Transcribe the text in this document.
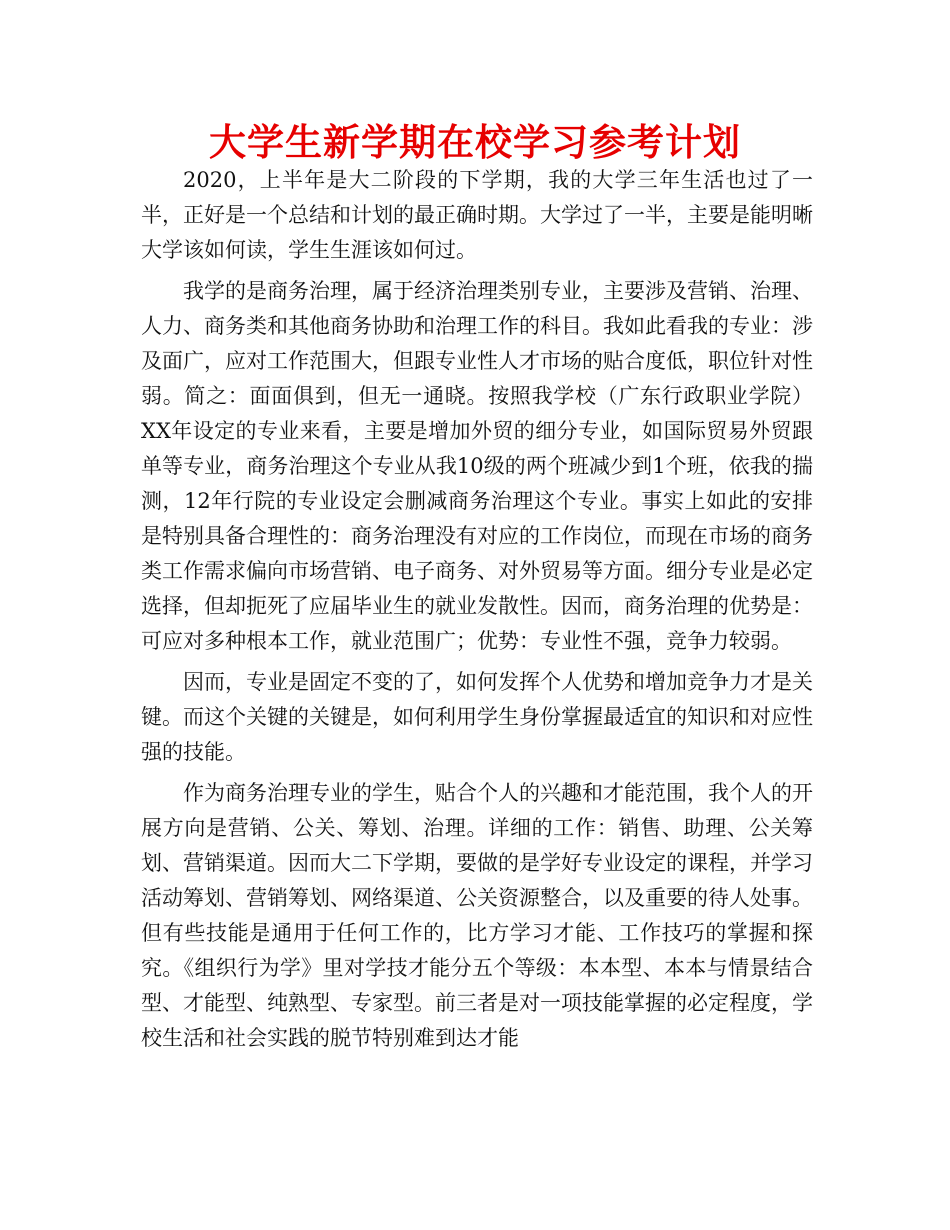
大学生新学期在校学习参考计划

2020，上半年是大二阶段的下学期，我的大学三年生活也过了一半，正好是一个总结和计划的最正确时期。大学过了一半，主要是能明晰大学该如何读，学生生涯该如何过。

我学的是商务治理，属于经济治理类别专业，主要涉及营销、治理、人力、商务类和其他商务协助和治理工作的科目。我如此看我的专业：涉及面广，应对工作范围大，但跟专业性人才市场的贴合度低，职位针对性弱。简之：面面俱到，但无一通晓。按照我学校（广东行政职业学院）XX年设定的专业来看，主要是增加外贸的细分专业，如国际贸易外贸跟单等专业，商务治理这个专业从我10级的两个班减少到1个班，依我的揣测，12年行院的专业设定会删减商务治理这个专业。事实上如此的安排是特别具备合理性的：商务治理没有对应的工作岗位，而现在市场的商务类工作需求偏向市场营销、电子商务、对外贸易等方面。细分专业是必定选择，但却扼死了应届毕业生的就业发散性。因而，商务治理的优势是：可应对多种根本工作，就业范围广；优势：专业性不强，竞争力较弱。

因而，专业是固定不变的了，如何发挥个人优势和增加竞争力才是关键。而这个关键的关键是，如何利用学生身份掌握最适宜的知识和对应性强的技能。

作为商务治理专业的学生，贴合个人的兴趣和才能范围，我个人的开展方向是营销、公关、筹划、治理。详细的工作：销售、助理、公关筹划、营销渠道。因而大二下学期，要做的是学好专业设定的课程，并学习活动筹划、营销筹划、网络渠道、公关资源整合，以及重要的待人处事。但有些技能是通用于任何工作的，比方学习才能、工作技巧的掌握和探究。《组织行为学》里对学技才能分五个等级：本本型、本本与情景结合型、才能型、纯熟型、专家型。前三者是对一项技能掌握的必定程度，学校生活和社会实践的脱节特别难到达才能
